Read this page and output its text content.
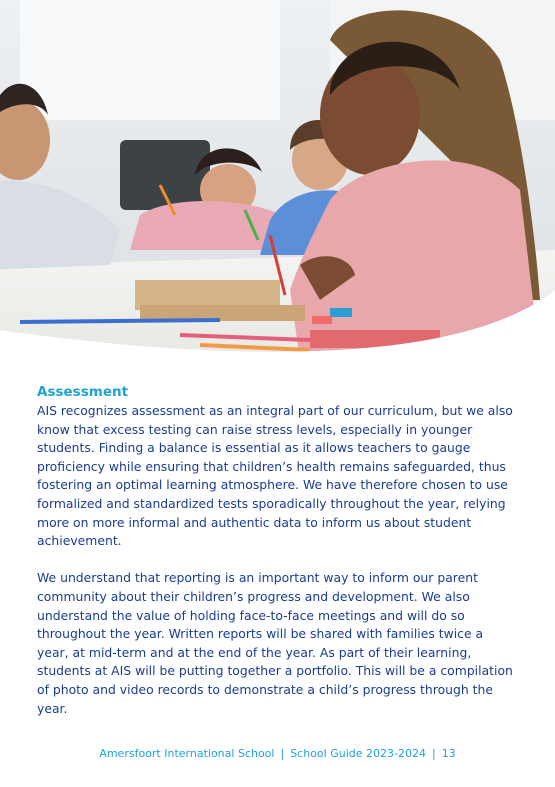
Assessment

AIS recognizes assessment as an integral part of our curriculum, but we also know that excess testing can raise stress levels, especially in younger students. Finding a balance is essential as it allows teachers to gauge proficiency while ensuring that children’s health remains safeguarded, thus fostering an optimal learning atmosphere. We have therefore chosen to use formalized and standardized tests sporadically throughout the year, relying more on more informal and authentic data to inform us about student achievement.

We understand that reporting is an important way to inform our parent community about their children’s progress and development. We also understand the value of holding face-to-face meetings and will do so throughout the year. Written reports will be shared with families twice a year, at mid-term and at the end of the year. As part of their learning, students at AIS will be putting together a portfolio. This will be a compilation of photo and video records to demonstrate a child’s progress through the year.

Amersfoort International School | School Guide 2023-2024 | 13
